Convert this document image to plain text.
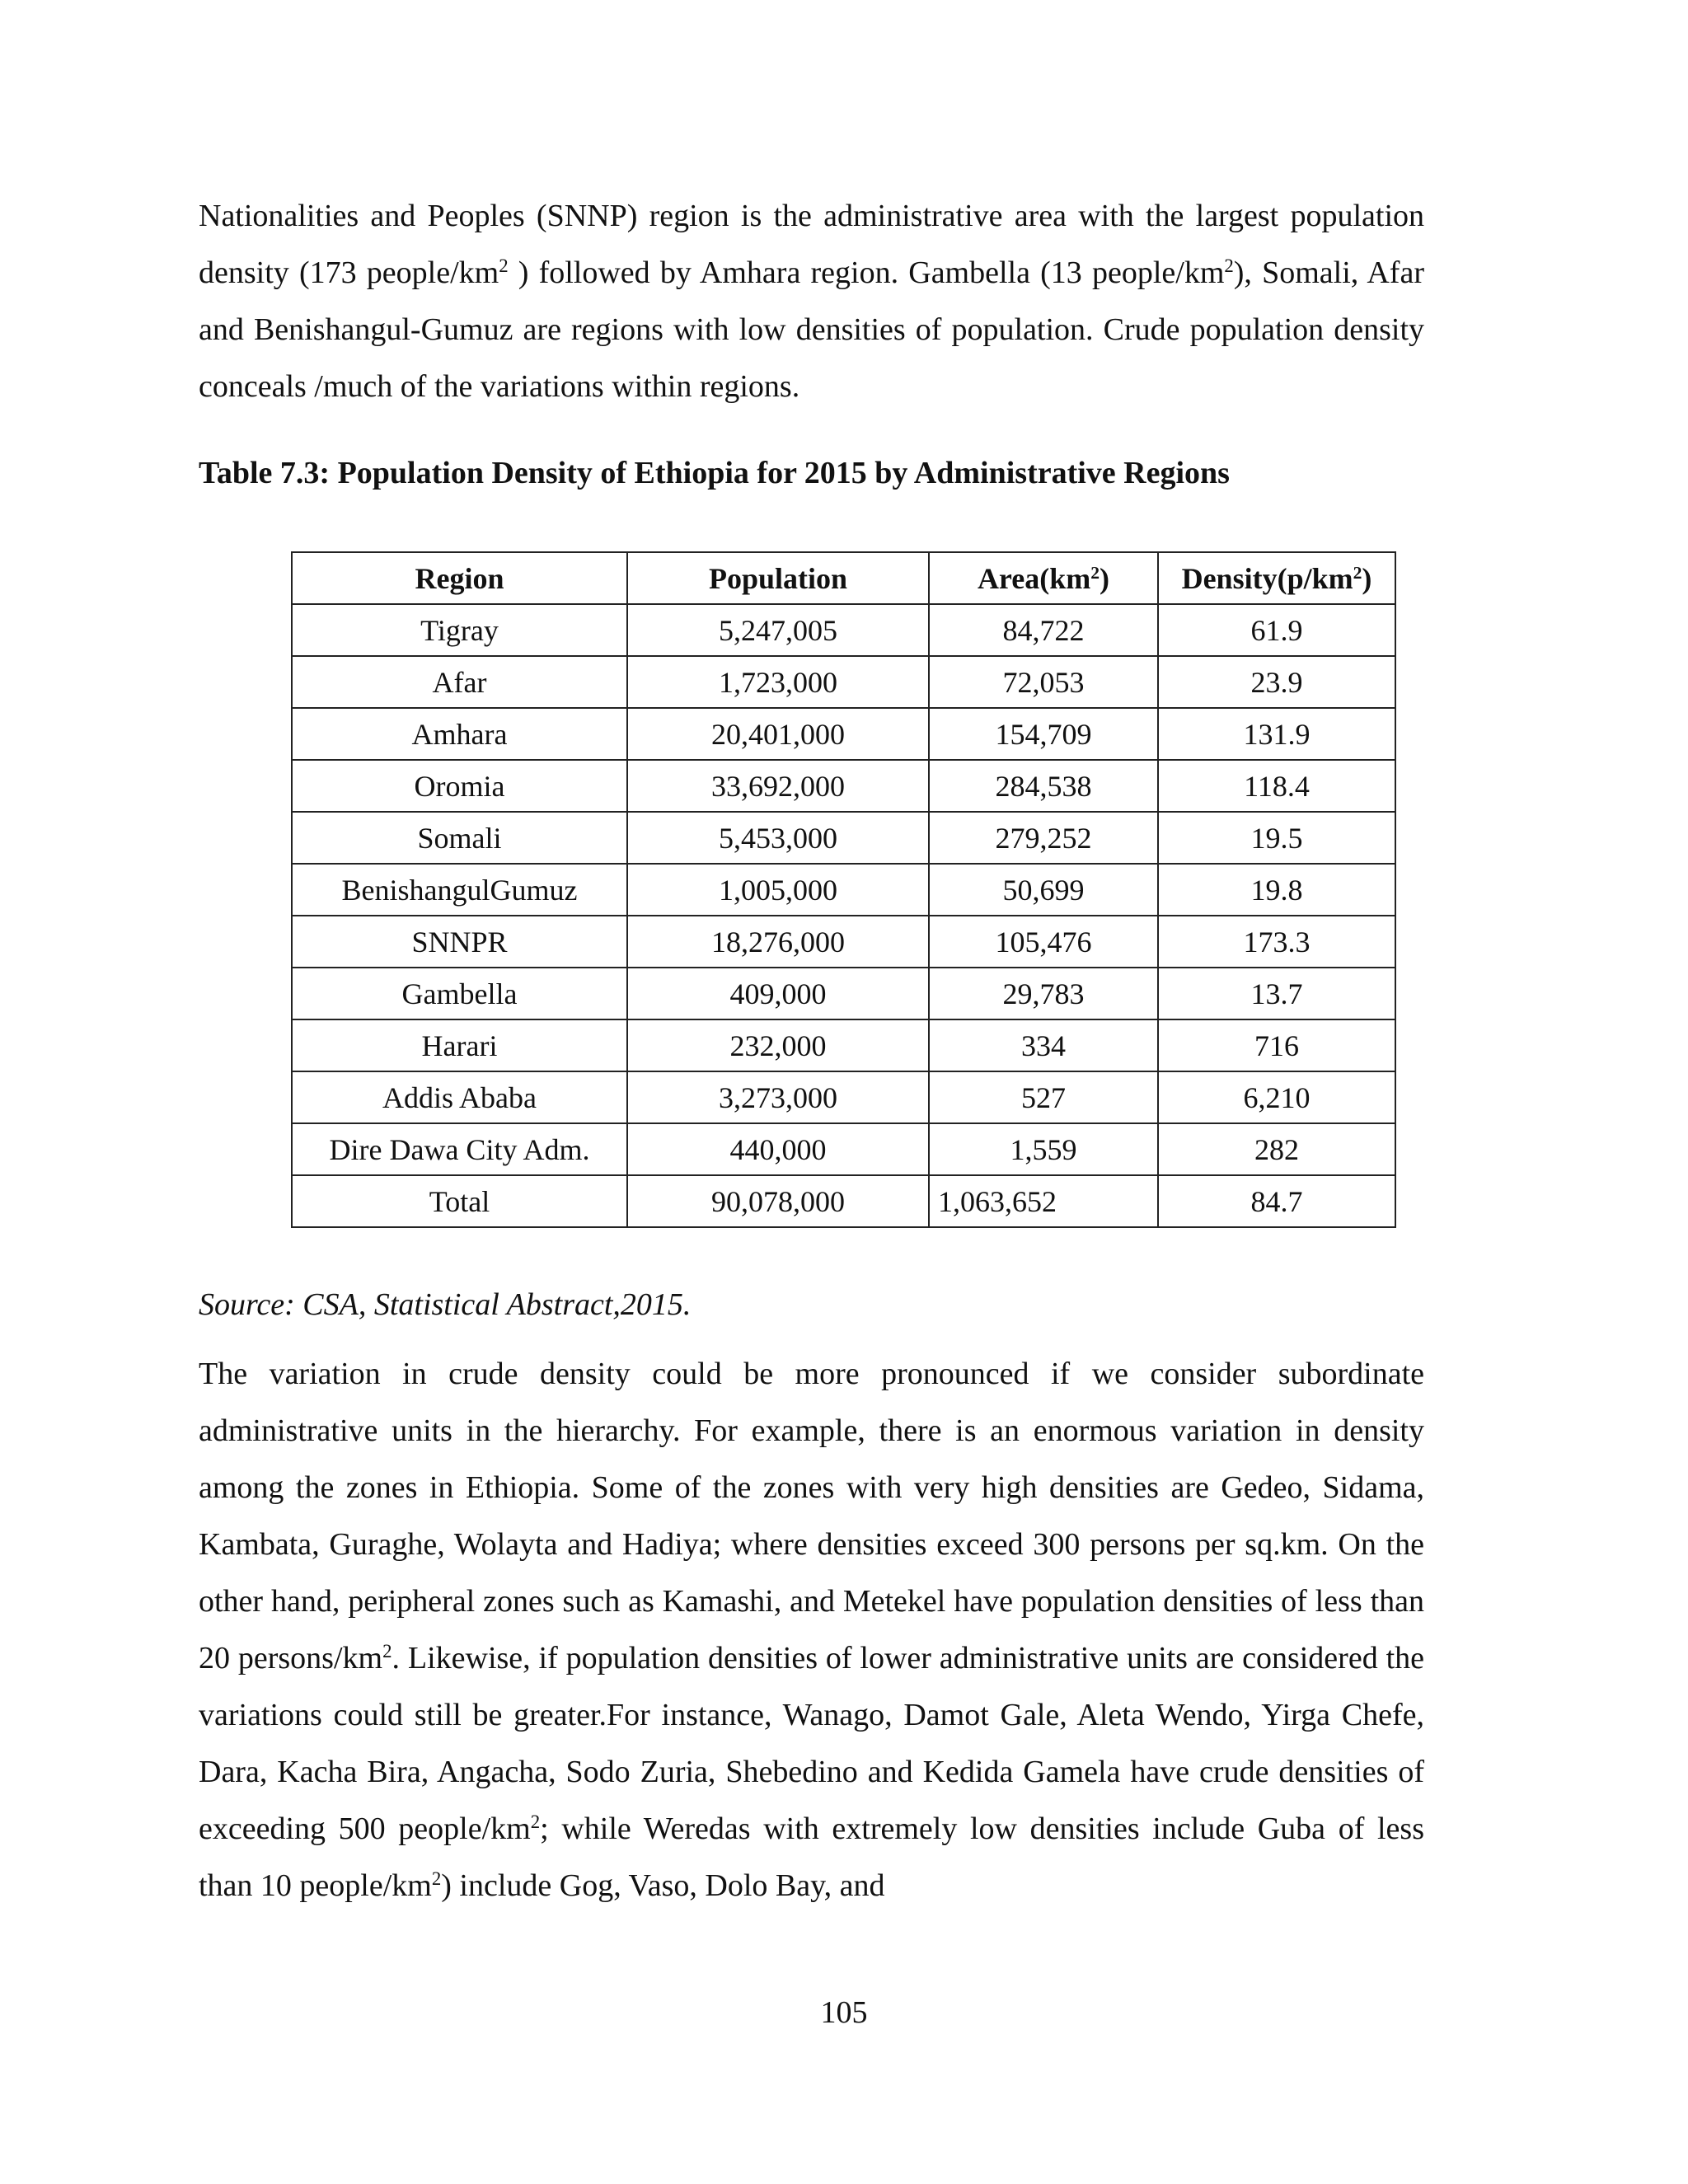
Nationalities and Peoples (SNNP) region is the administrative area with the largest population density (173 people/$km^2$ ) followed by Amhara region. Gambella (13 people/$km^2$), Somali, Afar and Benishangul-Gumuz are regions with low densities of population. Crude population density conceals /much of the variations within regions.

Table 7.3: Population Density of Ethiopia for 2015 by Administrative Regions

Region	Population	$Area(km^2)$	$Density(p/km^2)$
Tigray	5,247,005	84,722	61.9
Afar	1,723,000	72,053	23.9
Amhara	20,401,000	154,709	131.9
Oromia	33,692,000	284,538	118.4
Somali	5,453,000	279,252	19.5
BenishangulGumuz	1,005,000	50,699	19.8
SNNPR	18,276,000	105,476	173.3
Gambella	409,000	29,783	13.7
Harari	232,000	334	716
Addis Ababa	3,273,000	527	6,210
Dire Dawa City Adm.	440,000	1,559	282
Total	90,078,000	1,063,652	84.7

Source: CSA, Statistical Abstract,2015.

The variation in crude density could be more pronounced if we consider subordinate administrative units in the hierarchy. For example, there is an enormous variation in density among the zones in Ethiopia. Some of the zones with very high densities are Gedeo, Sidama, Kambata, Guraghe, Wolayta and Hadiya; where densities exceed 300 persons per sq.km. On the other hand, peripheral zones such as Kamashi, and Metekel have population densities of less than 20 persons/$km^2$. Likewise, if population densities of lower administrative units are considered the variations could still be greater.For instance, Wanago, Damot Gale, Aleta Wendo, Yirga Chefe, Dara, Kacha Bira, Angacha, Sodo Zuria, Shebedino and Kedida Gamela have crude densities of exceeding 500 people/$km^2$; while Weredas with extremely low densities include Guba of less than 10 people/$km^2$) include Gog, Vaso, Dolo Bay, and

105
